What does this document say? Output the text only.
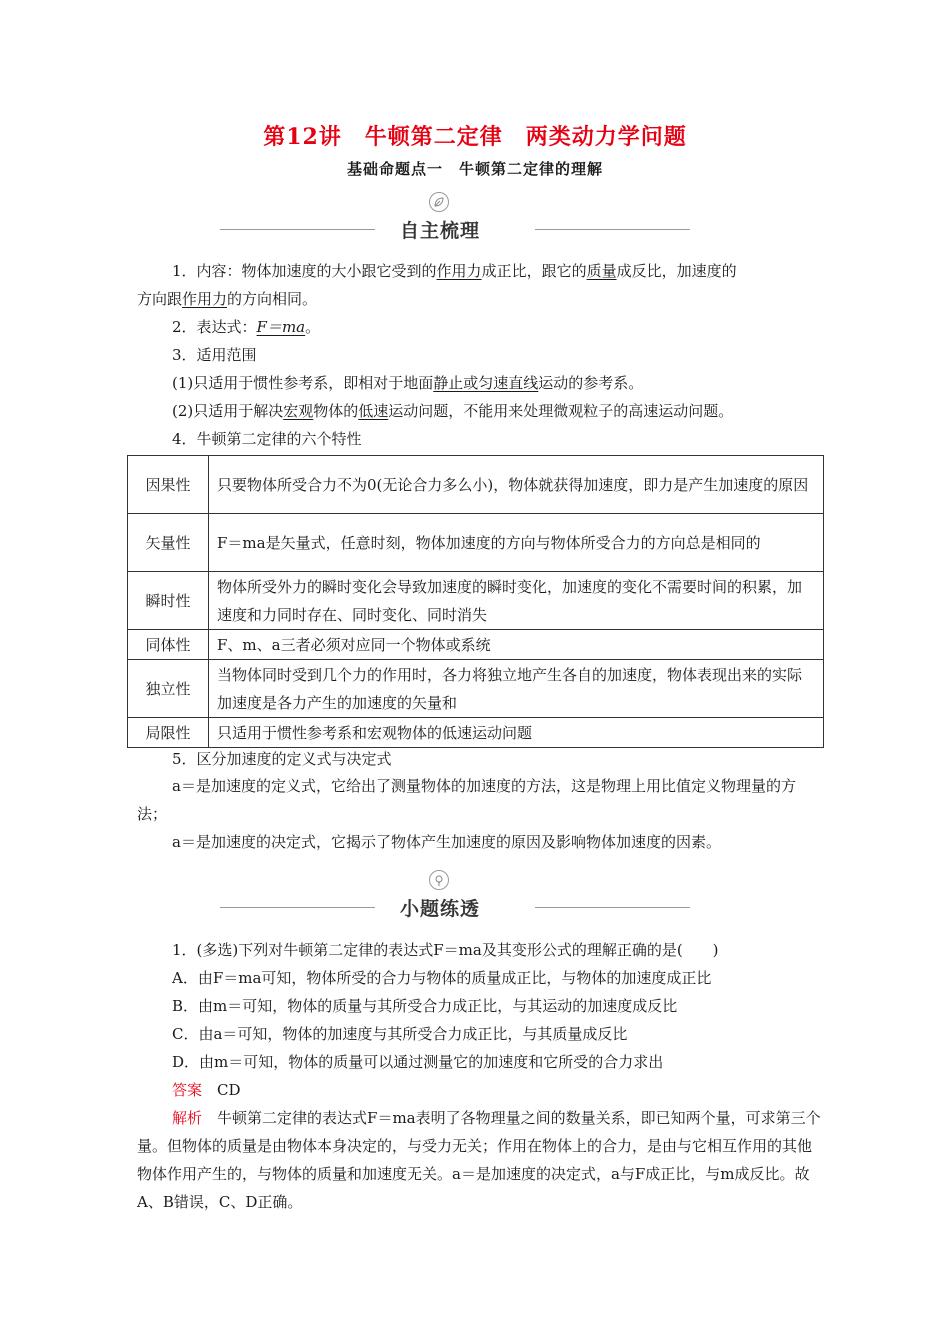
第12讲　牛顿第二定律　两类动力学问题
基础命题点一　牛顿第二定律的理解
自主梳理
1．内容：物体加速度的大小跟它受到的作用力成正比，跟它的质量成反比，加速度的
方向跟作用力的方向相同。
2．表达式：F＝ma。
3．适用范围
(1)只适用于惯性参考系，即相对于地面静止或匀速直线运动的参考系。
(2)只适用于解决宏观物体的低速运动问题，不能用来处理微观粒子的高速运动问题。
4．牛顿第二定律的六个特性
因果性	只要物体所受合力不为0(无论合力多么小)，物体就获得加速度，即力是产生加速度的原因
矢量性	F＝ma是矢量式，任意时刻，物体加速度的方向与物体所受合力的方向总是相同的
瞬时性	物体所受外力的瞬时变化会导致加速度的瞬时变化，加速度的变化不需要时间的积累，加速度和力同时存在、同时变化、同时消失
同体性	F、m、a三者必须对应同一个物体或系统
独立性	当物体同时受到几个力的作用时，各力将独立地产生各自的加速度，物体表现出来的实际加速度是各力产生的加速度的矢量和
局限性	只适用于惯性参考系和宏观物体的低速运动问题
5．区分加速度的定义式与决定式
a＝是加速度的定义式，它给出了测量物体的加速度的方法，这是物理上用比值定义物理量的方法；
a＝是加速度的决定式，它揭示了物体产生加速度的原因及影响物体加速度的因素。
小题练透
1．(多选)下列对牛顿第二定律的表达式F＝ma及其变形公式的理解正确的是(　　)
A．由F＝ma可知，物体所受的合力与物体的质量成正比，与物体的加速度成正比
B．由m＝可知，物体的质量与其所受合力成正比，与其运动的加速度成反比
C．由a＝可知，物体的加速度与其所受合力成正比，与其质量成反比
D．由m＝可知，物体的质量可以通过测量它的加速度和它所受的合力求出
答案　 CD
解析　 牛顿第二定律的表达式F＝ma表明了各物理量之间的数量关系，即已知两个量，可求第三个量。但物体的质量是由物体本身决定的，与受力无关；作用在物体上的合力，是由与它相互作用的其他物体作用产生的，与物体的质量和加速度无关。a＝是加速度的决定式，a与F成正比，与m成反比。故A、B错误，C、D正确。
